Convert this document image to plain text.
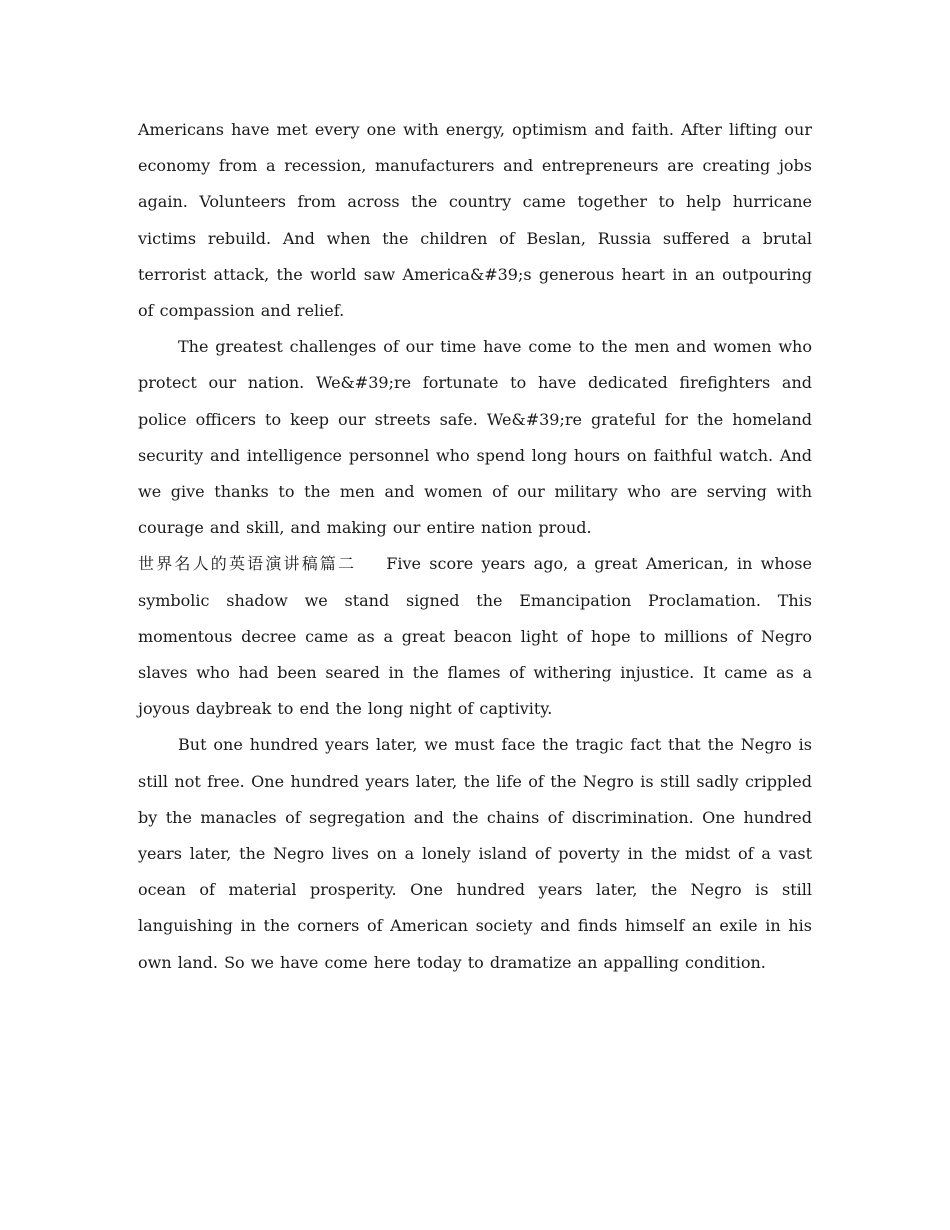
Americans have met every one with energy, optimism and faith. After lifting our economy from a recession, manufacturers and entrepreneurs are creating jobs again. Volunteers from across the country came together to help hurricane victims rebuild. And when the children of Beslan, Russia suffered a brutal terrorist attack, the world saw America&#39;s generous heart in an outpouring of compassion and relief.

The greatest challenges of our time have come to the men and women who protect our nation. We&#39;re fortunate to have dedicated firefighters and police officers to keep our streets safe. We&#39;re grateful for the homeland security and intelligence personnel who spend long hours on faithful watch. And we give thanks to the men and women of our military who are serving with courage and skill, and making our entire nation proud.

世界名人的英语演讲稿篇二 Five score years ago, a great American, in whose symbolic shadow we stand signed the Emancipation Proclamation. This momentous decree came as a great beacon light of hope to millions of Negro slaves who had been seared in the flames of withering injustice. It came as a joyous daybreak to end the long night of captivity.

But one hundred years later, we must face the tragic fact that the Negro is still not free. One hundred years later, the life of the Negro is still sadly crippled by the manacles of segregation and the chains of discrimination. One hundred years later, the Negro lives on a lonely island of poverty in the midst of a vast ocean of material prosperity. One hundred years later, the Negro is still languishing in the corners of American society and finds himself an exile in his own land. So we have come here today to dramatize an appalling condition.
